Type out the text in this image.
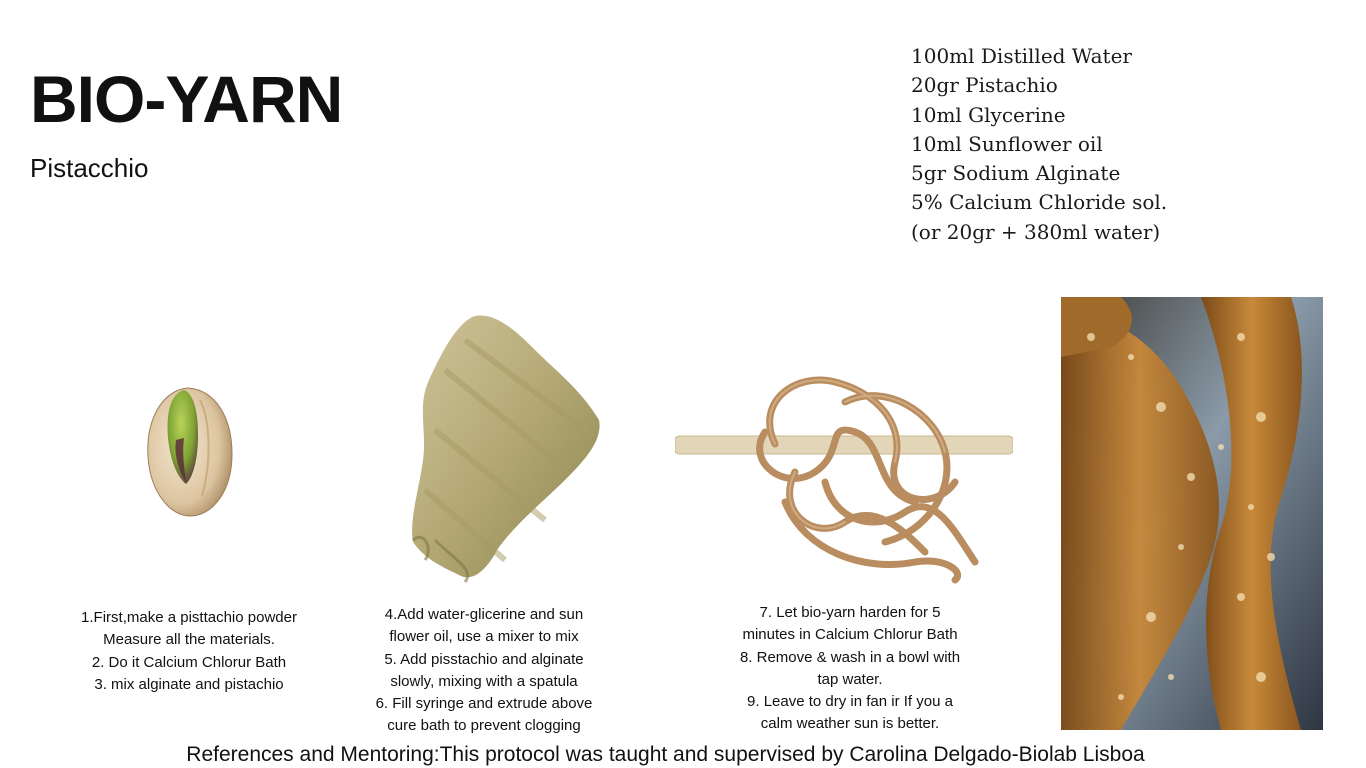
BIO-YARN
Pistacchio
100ml Distilled Water
20gr Pistachio
10ml Glycerine
10ml Sunflower oil
5gr Sodium Alginate
5% Calcium Chloride sol.
(or 20gr + 380ml water)
1.First,make a pisttachio powder
Measure all the materials.
2. Do it Calcium Chlorur Bath
3. mix alginate and pistachio
4.Add water-glicerine and sun
flower oil, use a mixer to mix
5. Add pisstachio and alginate
slowly, mixing with a spatula
6. Fill syringe and extrude above
cure bath to prevent clogging
7. Let bio-yarn harden for 5
minutes in Calcium Chlorur Bath
8. Remove & wash in a bowl with
tap water.
9. Leave to dry in fan ir If you a
calm weather sun is better.
References and Mentoring:This protocol was taught and supervised by Carolina Delgado-Biolab Lisboa
